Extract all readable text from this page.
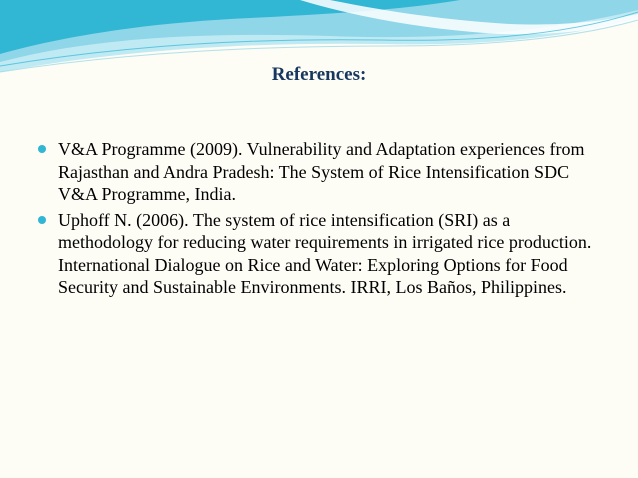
References:
V&A Programme (2009). Vulnerability and Adaptation experiences from Rajasthan and Andra Pradesh: The System of Rice Intensification SDC V&A Programme, India.
Uphoff N. (2006). The system of rice intensification (SRI) as a methodology for reducing water requirements in irrigated rice production. International Dialogue on Rice and Water: Exploring Options for Food Security and Sustainable Environments. IRRI, Los Baños, Philippines.
